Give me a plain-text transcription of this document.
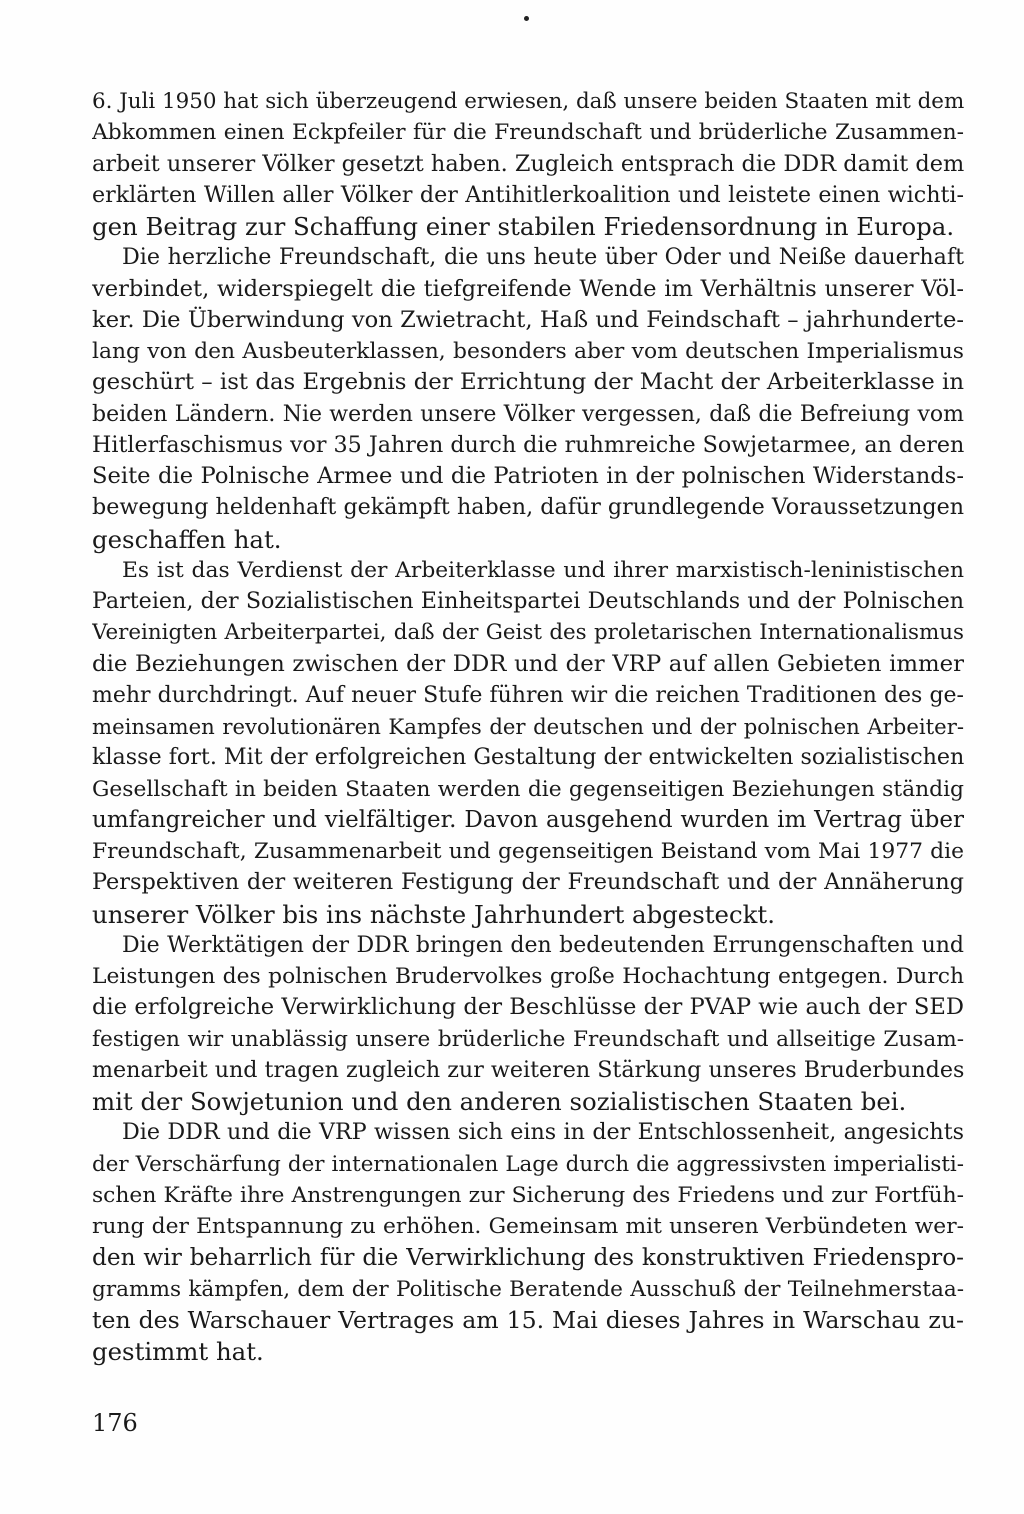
6. Juli 1950 hat sich überzeugend erwiesen, daß unsere beiden Staaten mit dem
Abkommen einen Eckpfeiler für die Freundschaft und brüderliche Zusammen-
arbeit unserer Völker gesetzt haben. Zugleich entsprach die DDR damit dem
erklärten Willen aller Völker der Antihitlerkoalition und leistete einen wichti-
gen Beitrag zur Schaffung einer stabilen Friedensordnung in Europa.
Die herzliche Freundschaft, die uns heute über Oder und Neiße dauerhaft
verbindet, widerspiegelt die tiefgreifende Wende im Verhältnis unserer Völ-
ker. Die Überwindung von Zwietracht, Haß und Feindschaft – jahrhunderte-
lang von den Ausbeuterklassen, besonders aber vom deutschen Imperialismus
geschürt – ist das Ergebnis der Errichtung der Macht der Arbeiterklasse in
beiden Ländern. Nie werden unsere Völker vergessen, daß die Befreiung vom
Hitlerfaschismus vor 35 Jahren durch die ruhmreiche Sowjetarmee, an deren
Seite die Polnische Armee und die Patrioten in der polnischen Widerstands-
bewegung heldenhaft gekämpft haben, dafür grundlegende Voraussetzungen
geschaffen hat.
Es ist das Verdienst der Arbeiterklasse und ihrer marxistisch-leninistischen
Parteien, der Sozialistischen Einheitspartei Deutschlands und der Polnischen
Vereinigten Arbeiterpartei, daß der Geist des proletarischen Internationalismus
die Beziehungen zwischen der DDR und der VRP auf allen Gebieten immer
mehr durchdringt. Auf neuer Stufe führen wir die reichen Traditionen des ge-
meinsamen revolutionären Kampfes der deutschen und der polnischen Arbeiter-
klasse fort. Mit der erfolgreichen Gestaltung der entwickelten sozialistischen
Gesellschaft in beiden Staaten werden die gegenseitigen Beziehungen ständig
umfangreicher und vielfältiger. Davon ausgehend wurden im Vertrag über
Freundschaft, Zusammenarbeit und gegenseitigen Beistand vom Mai 1977 die
Perspektiven der weiteren Festigung der Freundschaft und der Annäherung
unserer Völker bis ins nächste Jahrhundert abgesteckt.
Die Werktätigen der DDR bringen den bedeutenden Errungenschaften und
Leistungen des polnischen Brudervolkes große Hochachtung entgegen. Durch
die erfolgreiche Verwirklichung der Beschlüsse der PVAP wie auch der SED
festigen wir unablässig unsere brüderliche Freundschaft und allseitige Zusam-
menarbeit und tragen zugleich zur weiteren Stärkung unseres Bruderbundes
mit der Sowjetunion und den anderen sozialistischen Staaten bei.
Die DDR und die VRP wissen sich eins in der Entschlossenheit, angesichts
der Verschärfung der internationalen Lage durch die aggressivsten imperialisti-
schen Kräfte ihre Anstrengungen zur Sicherung des Friedens und zur Fortfüh-
rung der Entspannung zu erhöhen. Gemeinsam mit unseren Verbündeten wer-
den wir beharrlich für die Verwirklichung des konstruktiven Friedenspro-
gramms kämpfen, dem der Politische Beratende Ausschuß der Teilnehmerstaa-
ten des Warschauer Vertrages am 15. Mai dieses Jahres in Warschau zu-
gestimmt hat.
176
